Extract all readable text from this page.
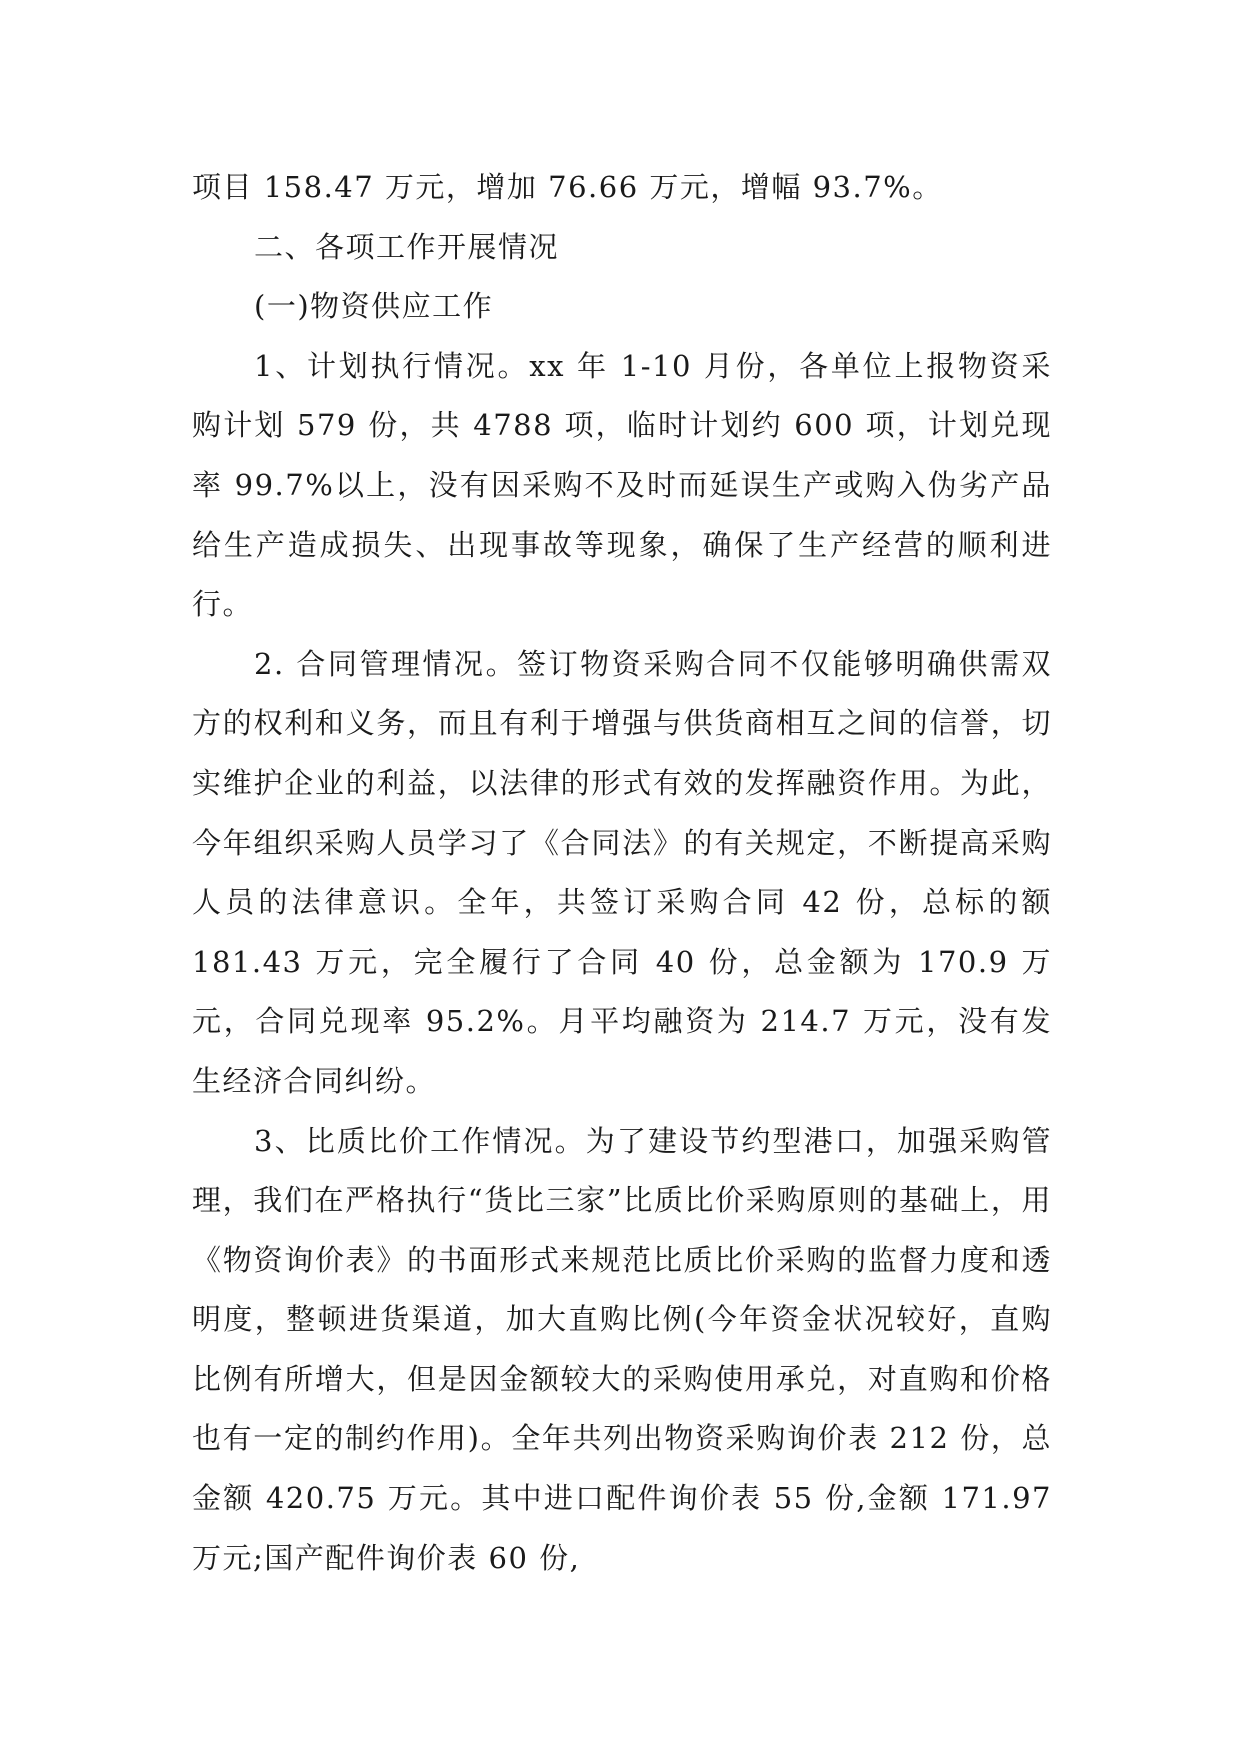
项目 158.47 万元，增加 76.66 万元，增幅 93.7%。

二、各项工作开展情况

(一)物资供应工作

1、计划执行情况。xx 年 1-10 月份，各单位上报物资采购计划 579 份，共 4788 项，临时计划约 600 项，计划兑现率 99.7%以上，没有因采购不及时而延误生产或购入伪劣产品给生产造成损失、出现事故等现象，确保了生产经营的顺利进行。

2. 合同管理情况。签订物资采购合同不仅能够明确供需双方的权利和义务，而且有利于增强与供货商相互之间的信誉，切实维护企业的利益，以法律的形式有效的发挥融资作用。为此，今年组织采购人员学习了《合同法》的有关规定，不断提高采购人员的法律意识。全年，共签订采购合同 42 份，总标的额 181.43 万元，完全履行了合同 40 份，总金额为 170.9 万元，合同兑现率 95.2%。月平均融资为 214.7 万元，没有发生经济合同纠纷。

3、比质比价工作情况。为了建设节约型港口，加强采购管理，我们在严格执行“货比三家”比质比价采购原则的基础上，用《物资询价表》的书面形式来规范比质比价采购的监督力度和透明度，整顿进货渠道，加大直购比例(今年资金状况较好，直购比例有所增大，但是因金额较大的采购使用承兑，对直购和价格也有一定的制约作用)。全年共列出物资采购询价表 212 份，总金额 420.75 万元。其中进口配件询价表 55 份,金额 171.97 万元;国产配件询价表 60 份,
